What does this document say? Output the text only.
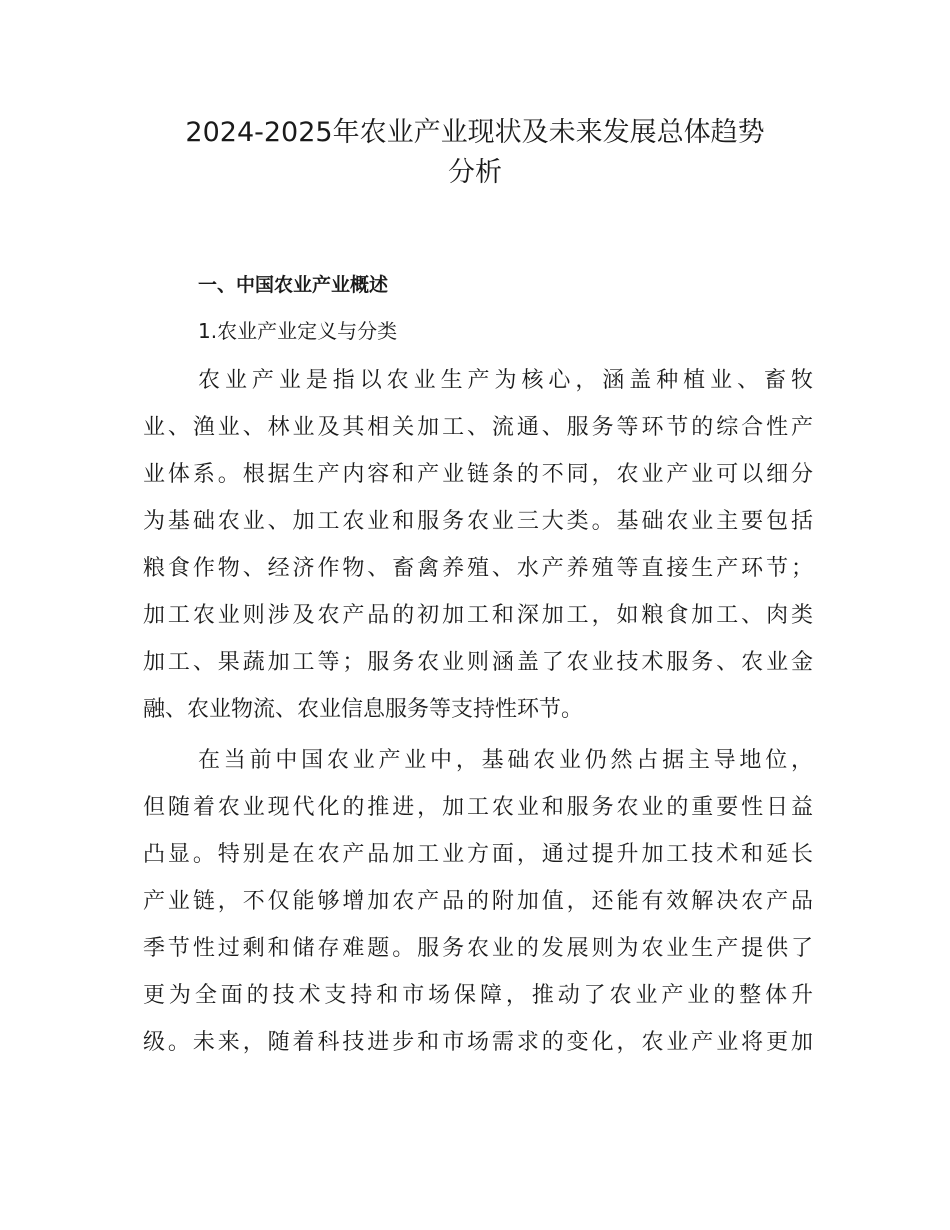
2024-2025年农业产业现状及未来发展总体趋势
分析
一、中国农业产业概述
1.农业产业定义与分类
农业产业是指以农业生产为核心，涵盖种植业、畜牧
业、渔业、林业及其相关加工、流通、服务等环节的综合性产
业体系。根据生产内容和产业链条的不同，农业产业可以细分
为基础农业、加工农业和服务农业三大类。基础农业主要包括
粮食作物、经济作物、畜禽养殖、水产养殖等直接生产环节；
加工农业则涉及农产品的初加工和深加工，如粮食加工、肉类
加工、果蔬加工等；服务农业则涵盖了农业技术服务、农业金
融、农业物流、农业信息服务等支持性环节。
在当前中国农业产业中，基础农业仍然占据主导地位，
但随着农业现代化的推进，加工农业和服务农业的重要性日益
凸显。特别是在农产品加工业方面，通过提升加工技术和延长
产业链，不仅能够增加农产品的附加值，还能有效解决农产品
季节性过剩和储存难题。服务农业的发展则为农业生产提供了
更为全面的技术支持和市场保障，推动了农业产业的整体升
级。未来，随着科技进步和市场需求的变化，农业产业将更加
